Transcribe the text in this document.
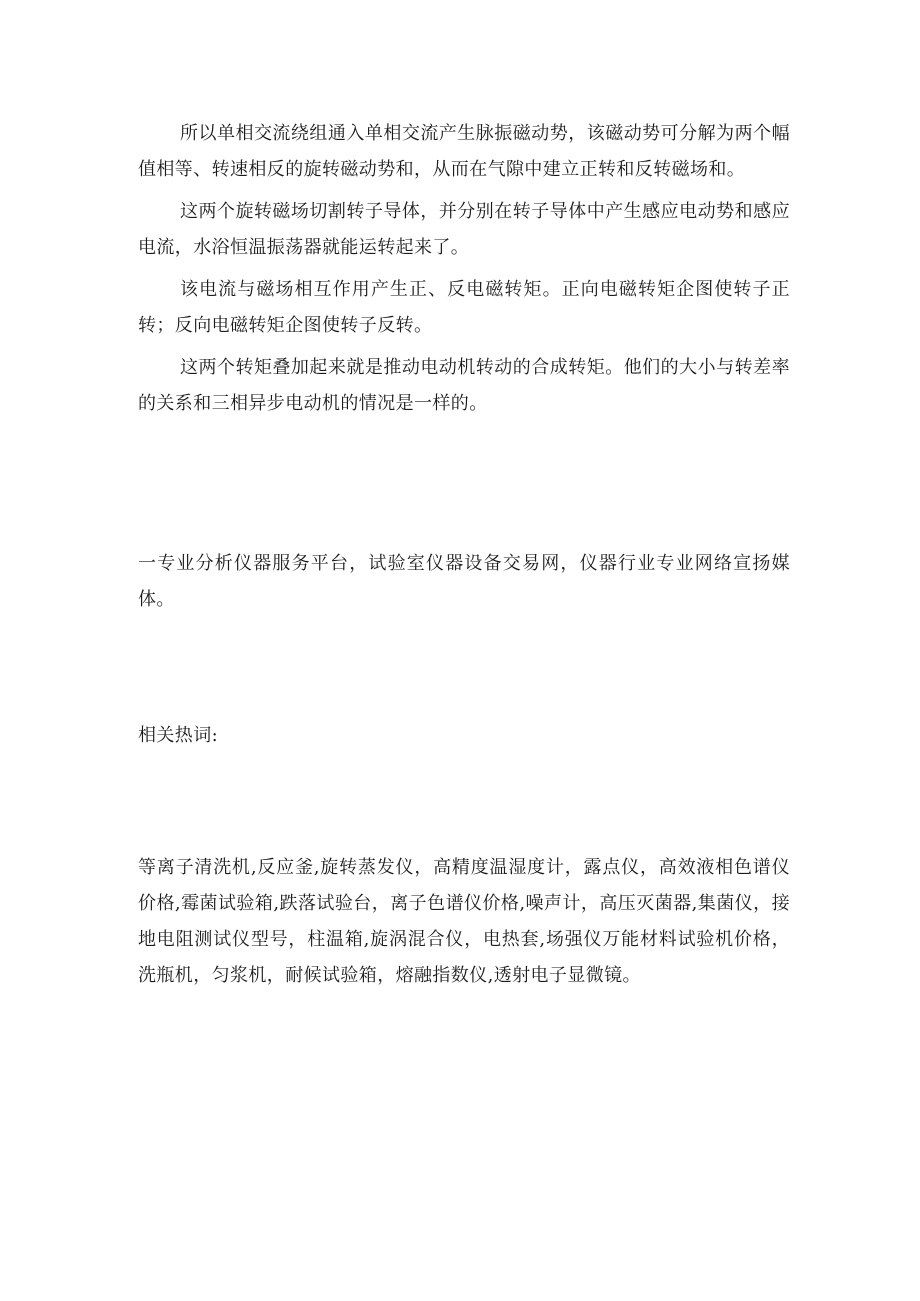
所以单相交流绕组通入单相交流产生脉振磁动势，该磁动势可分解为两个幅值相等、转速相反的旋转磁动势和，从而在气隙中建立正转和反转磁场和。

这两个旋转磁场切割转子导体，并分别在转子导体中产生感应电动势和感应电流，水浴恒温振荡器就能运转起来了。

该电流与磁场相互作用产生正、反电磁转矩。正向电磁转矩企图使转子正转；反向电磁转矩企图使转子反转。

这两个转矩叠加起来就是推动电动机转动的合成转矩。他们的大小与转差率的关系和三相异步电动机的情况是一样的。

一专业分析仪器服务平台，试验室仪器设备交易网，仪器行业专业网络宣扬媒体。

相关热词:

等离子清洗机,反应釜,旋转蒸发仪，高精度温湿度计，露点仪，高效液相色谱仪价格,霉菌试验箱,跌落试验台，离子色谱仪价格,噪声计，高压灭菌器,集菌仪，接地电阻测试仪型号，柱温箱,旋涡混合仪，电热套,场强仪万能材料试验机价格，洗瓶机，匀浆机，耐候试验箱，熔融指数仪,透射电子显微镜。
